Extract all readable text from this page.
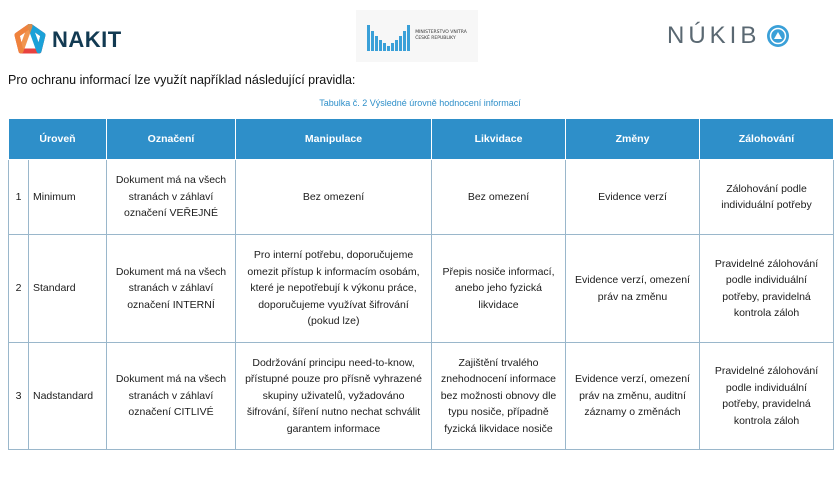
NAKIT	MINISTERSTVO VNITRA
ČESKÉ REPUBLIKY	NÚKIB
Pro ochranu informací lze využít například následující pravidla:
Tabulka č. 2 Výsledné úrovně hodnocení informací
Úroveň		Označení	Manipulace	Likvidace	Změny	Zálohování
1	Minimum	Dokument má na všech stranách v záhlaví označení VEŘEJNÉ	Bez omezení	Bez omezení	Evidence verzí	Zálohování podle individuální potřeby
2	Standard	Dokument má na všech stranách v záhlaví označení INTERNÍ	Pro interní potřebu, doporučujeme omezit přístup k informacím osobám, které je nepotřebují k výkonu práce, doporučujeme využívat šifrování (pokud lze)	Přepis nosiče informací, anebo jeho fyzická likvidace	Evidence verzí, omezení práv na změnu	Pravidelné zálohování podle individuální potřeby, pravidelná kontrola záloh
3	Nadstandard	Dokument má na všech stranách v záhlaví označení CITLIVÉ	Dodržování principu need-to-know, přístupné pouze pro přísně vyhrazené skupiny uživatelů, vyžadováno šifrování, šíření nutno nechat schválit garantem informace	Zajištění trvalého znehodnocení informace bez možnosti obnovy dle typu nosiče, případně fyzická likvidace nosiče	Evidence verzí, omezení práv na změnu, auditní záznamy o změnách	Pravidelné zálohování podle individuální potřeby, pravidelná kontrola záloh
